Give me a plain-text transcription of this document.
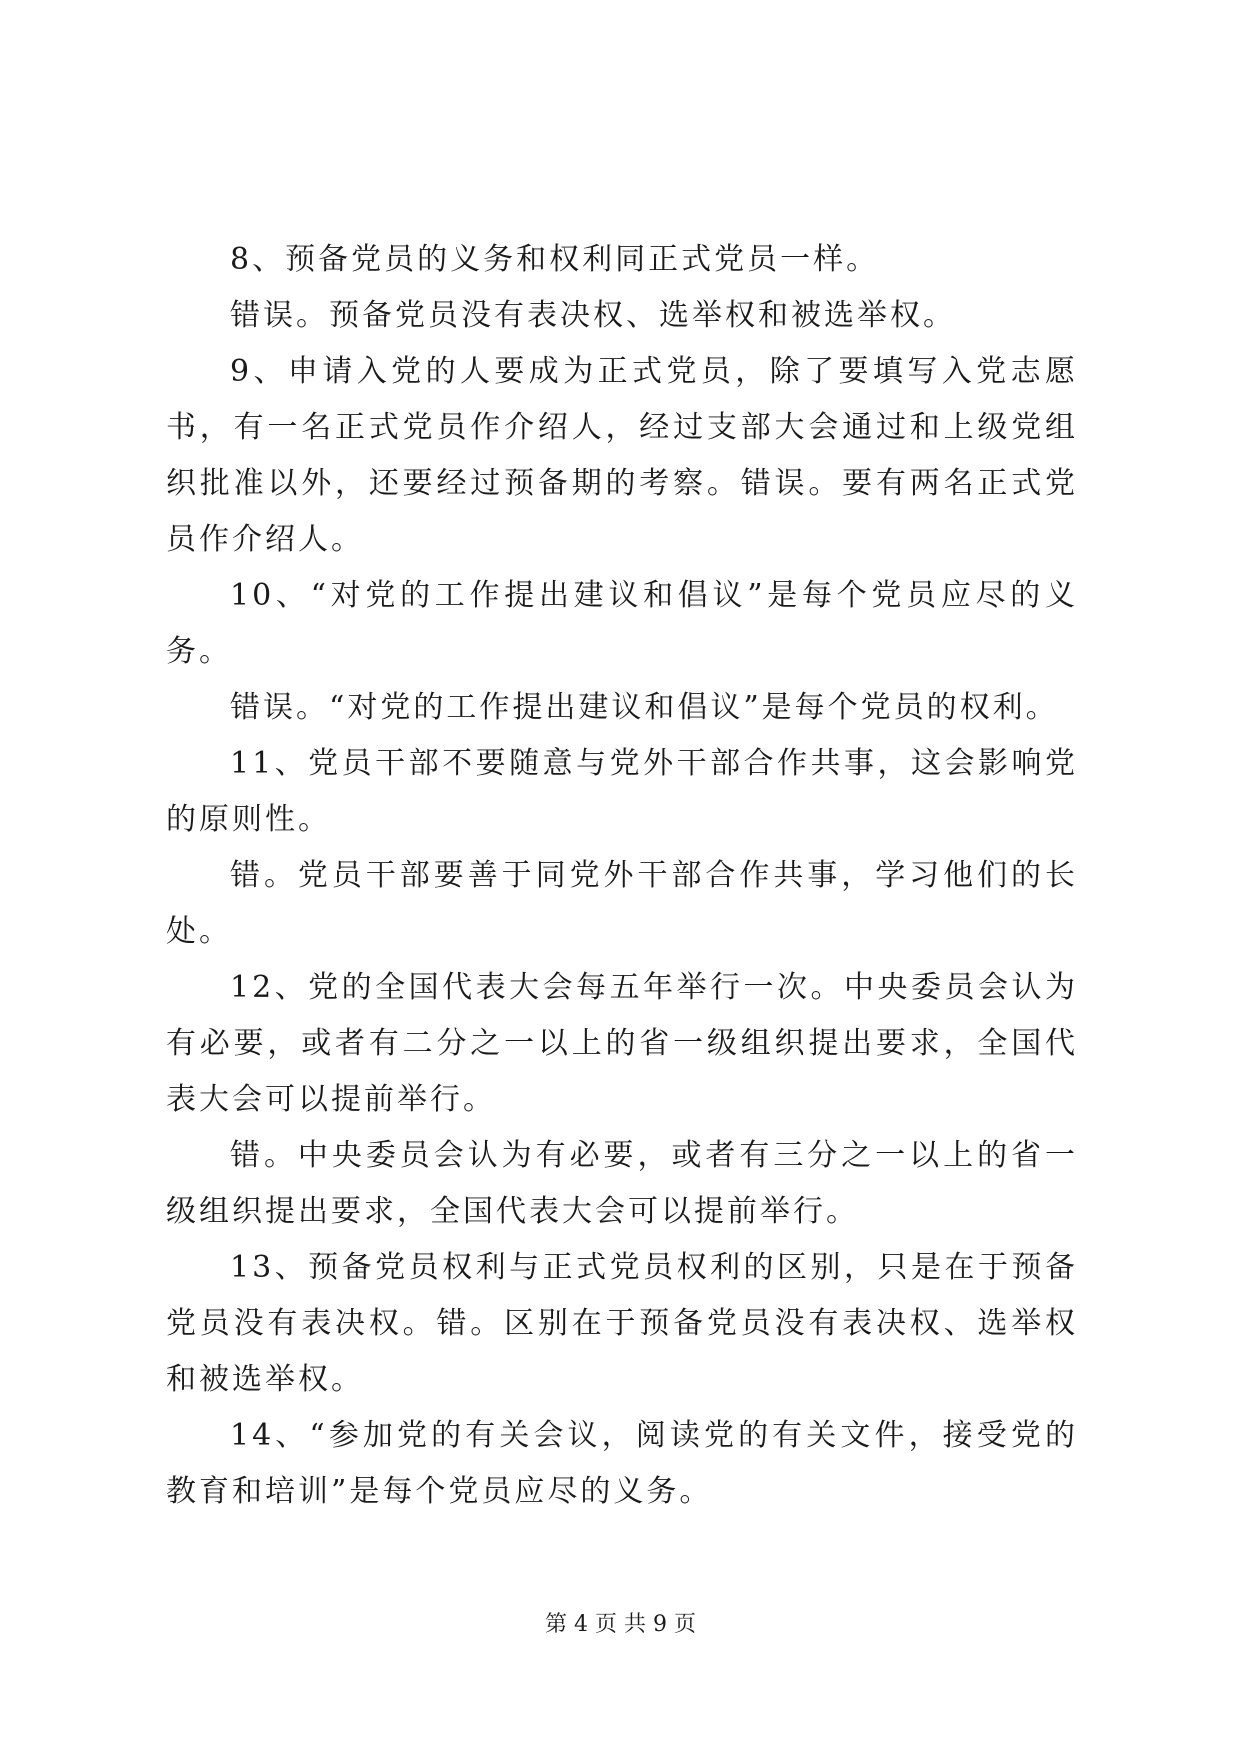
8、预备党员的义务和权利同正式党员一样。

错误。预备党员没有表决权、选举权和被选举权。

9、申请入党的人要成为正式党员，除了要填写入党志愿书，有一名正式党员作介绍人，经过支部大会通过和上级党组织批准以外，还要经过预备期的考察。错误。要有两名正式党员作介绍人。

10、“对党的工作提出建议和倡议”是每个党员应尽的义务。

错误。“对党的工作提出建议和倡议”是每个党员的权利。

11、党员干部不要随意与党外干部合作共事，这会影响党的原则性。

错。党员干部要善于同党外干部合作共事，学习他们的长处。

12、党的全国代表大会每五年举行一次。中央委员会认为有必要，或者有二分之一以上的省一级组织提出要求，全国代表大会可以提前举行。

错。中央委员会认为有必要，或者有三分之一以上的省一级组织提出要求，全国代表大会可以提前举行。

13、预备党员权利与正式党员权利的区别，只是在于预备党员没有表决权。错。区别在于预备党员没有表决权、选举权和被选举权。

14、“参加党的有关会议，阅读党的有关文件，接受党的教育和培训”是每个党员应尽的义务。

第 4 页 共 9 页
